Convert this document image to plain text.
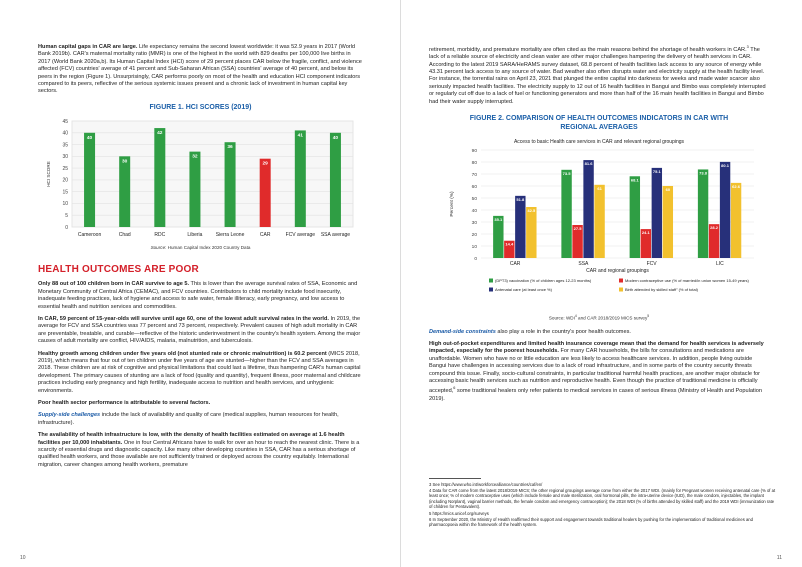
Human capital gaps in CAR are large. Life expectancy remains the second lowest worldwide: it was 52.9 years in 2017 (World Bank 2019b). CAR's maternal mortality ratio (MMR) is one of the highest in the world with 829 deaths per 100,000 live births in 2017 (World Bank 2020a,b). Its Human Capital Index (HCI) score of 29 percent places CAR below the fragile, conflict, and violence affected (FCV) countries' average of 41 percent and Sub-Saharan African (SSA) countries' average of 40 percent, and below its peers in the region (Figure 1). Unsurprisingly, CAR performs poorly on most of the health and education HCI component indicators compared to its peers, reflective of the serious systemic issues present and a chronic lack of investment in human capital key sectors.

FIGURE 1. HCI SCORES (2019)
0
5
10
15
20
25
30
35
40
45
HCI SCORE
40
Cameroon
30
Chad
42
RDC
32
Liberia
36
Sierra Leone
29
CAR
41
FCV average
40
SSA average
Source: Human Capital Index 2020 Country Data
HEALTH OUTCOMES ARE POOR

Only 88 out of 100 children born in CAR survive to age 5. This is lower than the average survival rates of SSA, Economic and Monetary Community of Central Africa (CEMAC), and FCV countries. Contributors to child mortality include food insecurity, inadequate feeding practices, lack of hygiene and access to safe water, female illiteracy, early pregnancy, and low access to essential health and nutrition services and commodities.

In CAR, 59 percent of 15-year-olds will survive until age 60, one of the lowest adult survival rates in the world. In 2019, the average for FCV and SSA countries was 77 percent and 73 percent, respectively. Prevalent causes of high adult mortality in CAR are preventable, treatable, and curable—reflective of the historic underinvestment in the country's health system. Among the major causes of adult mortality are conflict, HIV/AIDS, malaria, malnutrition, and tuberculosis.

Healthy growth among children under five years old (not stunted rate or chronic malnutrition) is 60.2 percent (MICS 2018, 2019), which means that four out of ten children under five years of age are stunted—higher than the FCV and SSA averages in 2018. These children are at risk of cognitive and physical limitations that could last a lifetime, thus hampering CAR's human capital development. The primary causes of stunting are a lack of food (quality and quantity), frequent illness, poor maternal and childcare practices including early pregnancy and high fertility, inadequate access to nutrition and health services, and unhygienic environments.

Poor health sector performance is attributable to several factors.

Supply-side challenges include the lack of availability and quality of care (medical supplies, human resources for health, infrastructure).

The availability of health infrastructure is low, with the density of health facilities estimated on average at 1.6 health facilities per 10,000 inhabitants. One in four Central Africans have to walk for over an hour to reach the nearest clinic. There is a scarcity of essential drugs and diagnostic capacity. Like many other developing countries in SSA, CAR has a serious shortage of qualified health workers, and those available are not sufficiently trained or deployed across the country equitably. International migration, career changes among health workers, premature

10

retirement, morbidity, and premature mortality are often cited as the main reasons behind the shortage of health workers in CAR.$^3$ The lack of a reliable source of electricity and clean water are other major challenges hampering the delivery of health services in CAR. According to the latest 2019 SARA/HeRAMS survey dataset, 68.8 percent of health facilities lack access to any source of energy while 43.31 percent lack access to any source of water. Bad weather also often disrupts water and electricity supply at the health facility level. For instance, the torrential rains on April 23, 2021 that plunged the entire capital into darkness for weeks and made water scarcer also seriously impacted health facilities. The electricity supply to 12 out of 16 health facilities in Bangui and Bimbo was completely interrupted or regularly cut off due to a lack of fuel or functioning generators and more than half of the 16 main health facilities in Bangui and Bimbo had their water supply interrupted.

FIGURE 2. COMPARISON OF HEALTH OUTCOMES INDICATORS IN CAR WITH
REGIONAL AVERAGES
Access to basic Health care services in CAR and relevant regional groupings
0
10
20
30
40
50
60
70
80
90
Percent (%)
35.1
14.4
51.8
42.5
CAR
73.5
27.5
81.6
61
SSA
68.1
24.1
75.1
60
FCV
73.8
28.2
80.1
62.6
LIC
CAR and regional groupings
(DPT3) vaccination (% of children ages 12-23 months)	Modern contraceptive use (% of married/in union women 15-49 years)
Antenatal care (at least once %)	Birth attended by skilled staff" (% of total)
Source: WDI$^4$ and CAR 2018/2019 MICS survey$^5$

Demand-side constraints also play a role in the country's poor health outcomes.

High out-of-pocket expenditures and limited health insurance coverage mean that the demand for health services is adversely impacted, especially for the poorest households. For many CAR households, the bills for consultations and medications are unaffordable. Women who have no or little education are less likely to access healthcare services. In addition, people living outside Bangui have challenges in accessing services due to a lack of road infrastructure, and in some parts of the country security threats compound this issue. Finally, socio-cultural constraints, in particular traditional harmful health practices, are another major obstacle for accessing basic health services such as nutrition and reproductive health. Even though the practice of traditional medicine is officially accepted,$^6$ some traditional healers only refer patients to medical services in cases of serious illness (Ministry of Health and Population 2019).

3 See https://www.who.int/workforcealliance/countries/caf/en/

4 Data for CAR come from the latest 2018/2019 MICS; the other regional groupings average come from either the 2017 WDI. (mainly for Pregnant women receiving antenatal care (% of at least once; % of modern contraceptive uses (which include female and male sterilization, oral hormonal pills, the intra-uterine device (IUD), the male condom, injectables, the implant (including Norplant), vaginal barrier methods, the female condom and emergency contraception); the 2018 WDI (% of births attended by skilled staff) and the 2019 WDI (immunization rate of children for Pentavalent).

5 https://mics.unicef.org/surveys

6 In September 2020, the Ministry of Health reaffirmed their support and engagement towards traditional healers by pushing for the implementation of traditional medicines and pharmacopoeia within the framework of the health system.

11
